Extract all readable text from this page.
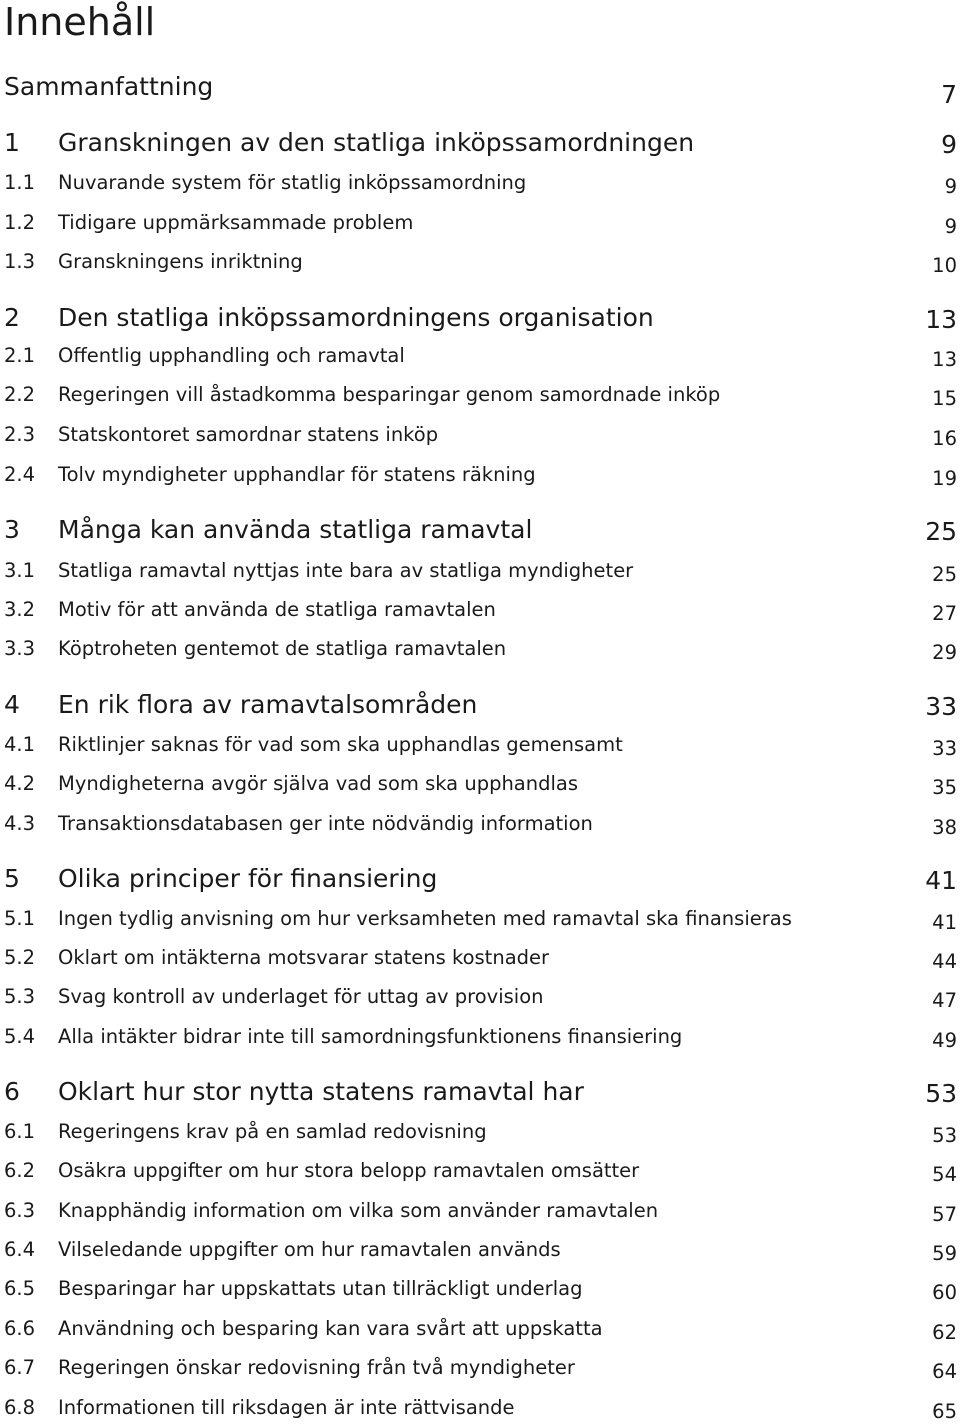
Innehåll
Sammanfattning	7
1 Granskningen av den statliga inköpssamordningen	9
1.1 Nuvarande system för statlig inköpssamordning	9
1.2 Tidigare uppmärksammade problem	9
1.3 Granskningens inriktning	10
2 Den statliga inköpssamordningens organisation	13
2.1 Offentlig upphandling och ramavtal	13
2.2 Regeringen vill åstadkomma besparingar genom samordnade inköp	15
2.3 Statskontoret samordnar statens inköp	16
2.4 Tolv myndigheter upphandlar för statens räkning	19
3 Många kan använda statliga ramavtal	25
3.1 Statliga ramavtal nyttjas inte bara av statliga myndigheter	25
3.2 Motiv för att använda de statliga ramavtalen	27
3.3 Köptroheten gentemot de statliga ramavtalen	29
4 En rik flora av ramavtalsområden	33
4.1 Riktlinjer saknas för vad som ska upphandlas gemensamt	33
4.2 Myndigheterna avgör själva vad som ska upphandlas	35
4.3 Transaktionsdatabasen ger inte nödvändig information	38
5 Olika principer för finansiering	41
5.1 Ingen tydlig anvisning om hur verksamheten med ramavtal ska finansieras	41
5.2 Oklart om intäkterna motsvarar statens kostnader	44
5.3 Svag kontroll av underlaget för uttag av provision	47
5.4 Alla intäkter bidrar inte till samordningsfunktionens finansiering	49
6 Oklart hur stor nytta statens ramavtal har	53
6.1 Regeringens krav på en samlad redovisning	53
6.2 Osäkra uppgifter om hur stora belopp ramavtalen omsätter	54
6.3 Knapphändig information om vilka som använder ramavtalen	57
6.4 Vilseledande uppgifter om hur ramavtalen används	59
6.5 Besparingar har uppskattats utan tillräckligt underlag	60
6.6 Användning och besparing kan vara svårt att uppskatta	62
6.7 Regeringen önskar redovisning från två myndigheter	64
6.8 Informationen till riksdagen är inte rättvisande	65
